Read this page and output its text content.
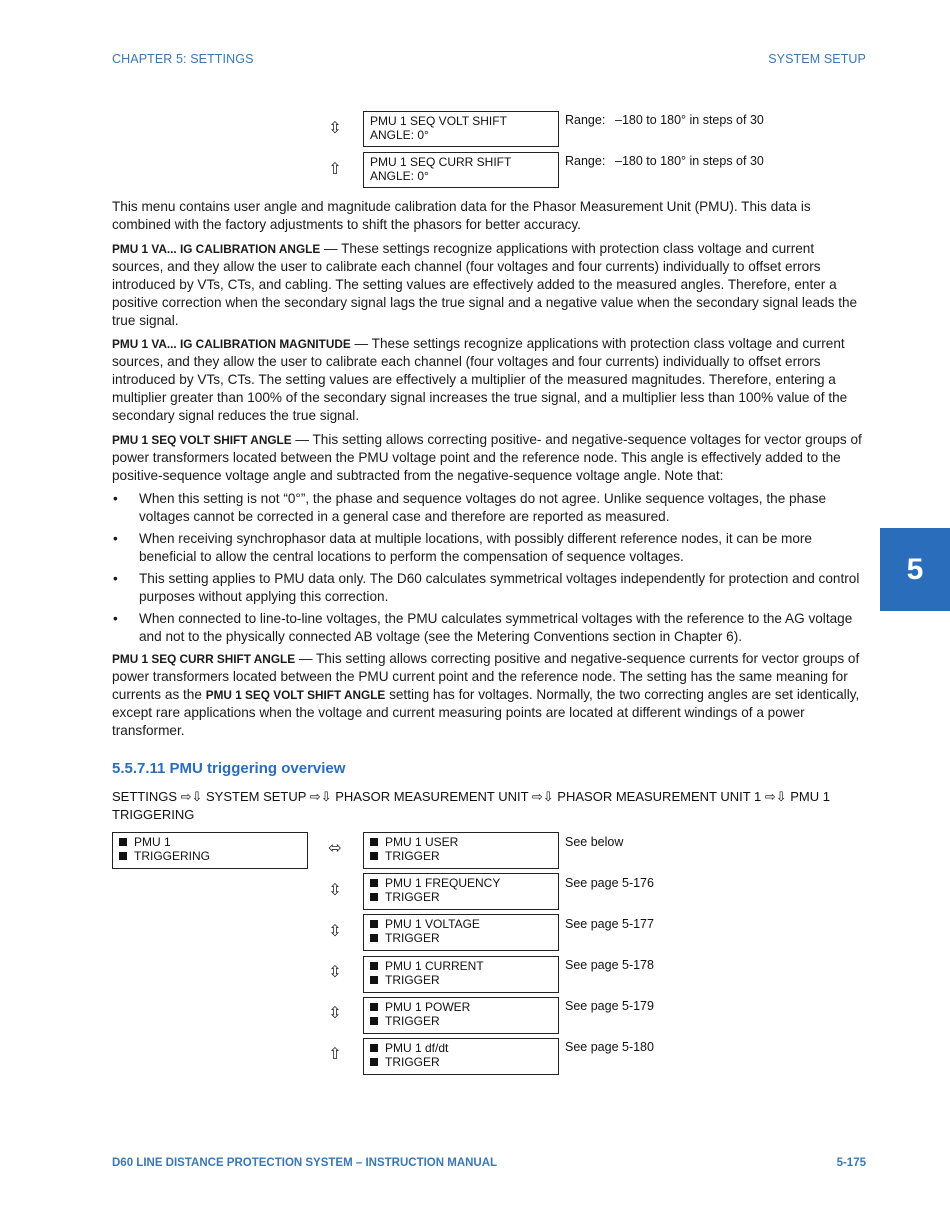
CHAPTER 5: SETTINGS	SYSTEM SETUP
5
⇳ PMU 1 SEQ VOLT SHIFT
ANGLE: 0°
Range: –180 to 180° in steps of 30
⇧ PMU 1 SEQ CURR SHIFT
ANGLE: 0°
Range: –180 to 180° in steps of 30

This menu contains user angle and magnitude calibration data for the Phasor Measurement Unit (PMU). This data is combined with the factory adjustments to shift the phasors for better accuracy.

PMU 1 VA... IG CALIBRATION ANGLE — These settings recognize applications with protection class voltage and current sources, and they allow the user to calibrate each channel (four voltages and four currents) individually to offset errors introduced by VTs, CTs, and cabling. The setting values are effectively added to the measured angles. Therefore, enter a positive correction when the secondary signal lags the true signal and a negative value when the secondary signal leads the true signal.

PMU 1 VA... IG CALIBRATION MAGNITUDE — These settings recognize applications with protection class voltage and current sources, and they allow the user to calibrate each channel (four voltages and four currents) individually to offset errors introduced by VTs, CTs. The setting values are effectively a multiplier of the measured magnitudes. Therefore, entering a multiplier greater than 100% of the secondary signal increases the true signal, and a multiplier less than 100% value of the secondary signal reduces the true signal.

PMU 1 SEQ VOLT SHIFT ANGLE — This setting allows correcting positive- and negative-sequence voltages for vector groups of power transformers located between the PMU voltage point and the reference node. This angle is effectively added to the positive-sequence voltage angle and subtracted from the negative-sequence voltage angle. Note that:

• When this setting is not “0°”, the phase and sequence voltages do not agree. Unlike sequence voltages, the phase voltages cannot be corrected in a general case and therefore are reported as measured.
• When receiving synchrophasor data at multiple locations, with possibly different reference nodes, it can be more beneficial to allow the central locations to perform the compensation of sequence voltages.
• This setting applies to PMU data only. The D60 calculates symmetrical voltages independently for protection and control purposes without applying this correction.
• When connected to line-to-line voltages, the PMU calculates symmetrical voltages with the reference to the AG voltage and not to the physically connected AB voltage (see the Metering Conventions section in Chapter 6).

PMU 1 SEQ CURR SHIFT ANGLE — This setting allows correcting positive and negative-sequence currents for vector groups of power transformers located between the PMU current point and the reference node. The setting has the same meaning for currents as the PMU 1 SEQ VOLT SHIFT ANGLE setting has for voltages. Normally, the two correcting angles are set identically, except rare applications when the voltage and current measuring points are located at different windings of a power transformer.

5.5.7.11 PMU triggering overview
SETTINGS ⇨⇩ SYSTEM SETUP ⇨⇩ PHASOR MEASUREMENT UNIT ⇨⇩ PHASOR MEASUREMENT UNIT 1 ⇨⇩ PMU 1 TRIGGERING
PMU 1
TRIGGERING	⬄	PMU 1 USER
TRIGGER
See below
⇳	PMU 1 FREQUENCY
TRIGGER
See page 5-176
⇳	PMU 1 VOLTAGE
TRIGGER
See page 5-177
⇳	PMU 1 CURRENT
TRIGGER
See page 5-178
⇳	PMU 1 POWER
TRIGGER
See page 5-179
⇧	PMU 1 df/dt
TRIGGER
See page 5-180
D60 LINE DISTANCE PROTECTION SYSTEM – INSTRUCTION MANUAL	5-175
